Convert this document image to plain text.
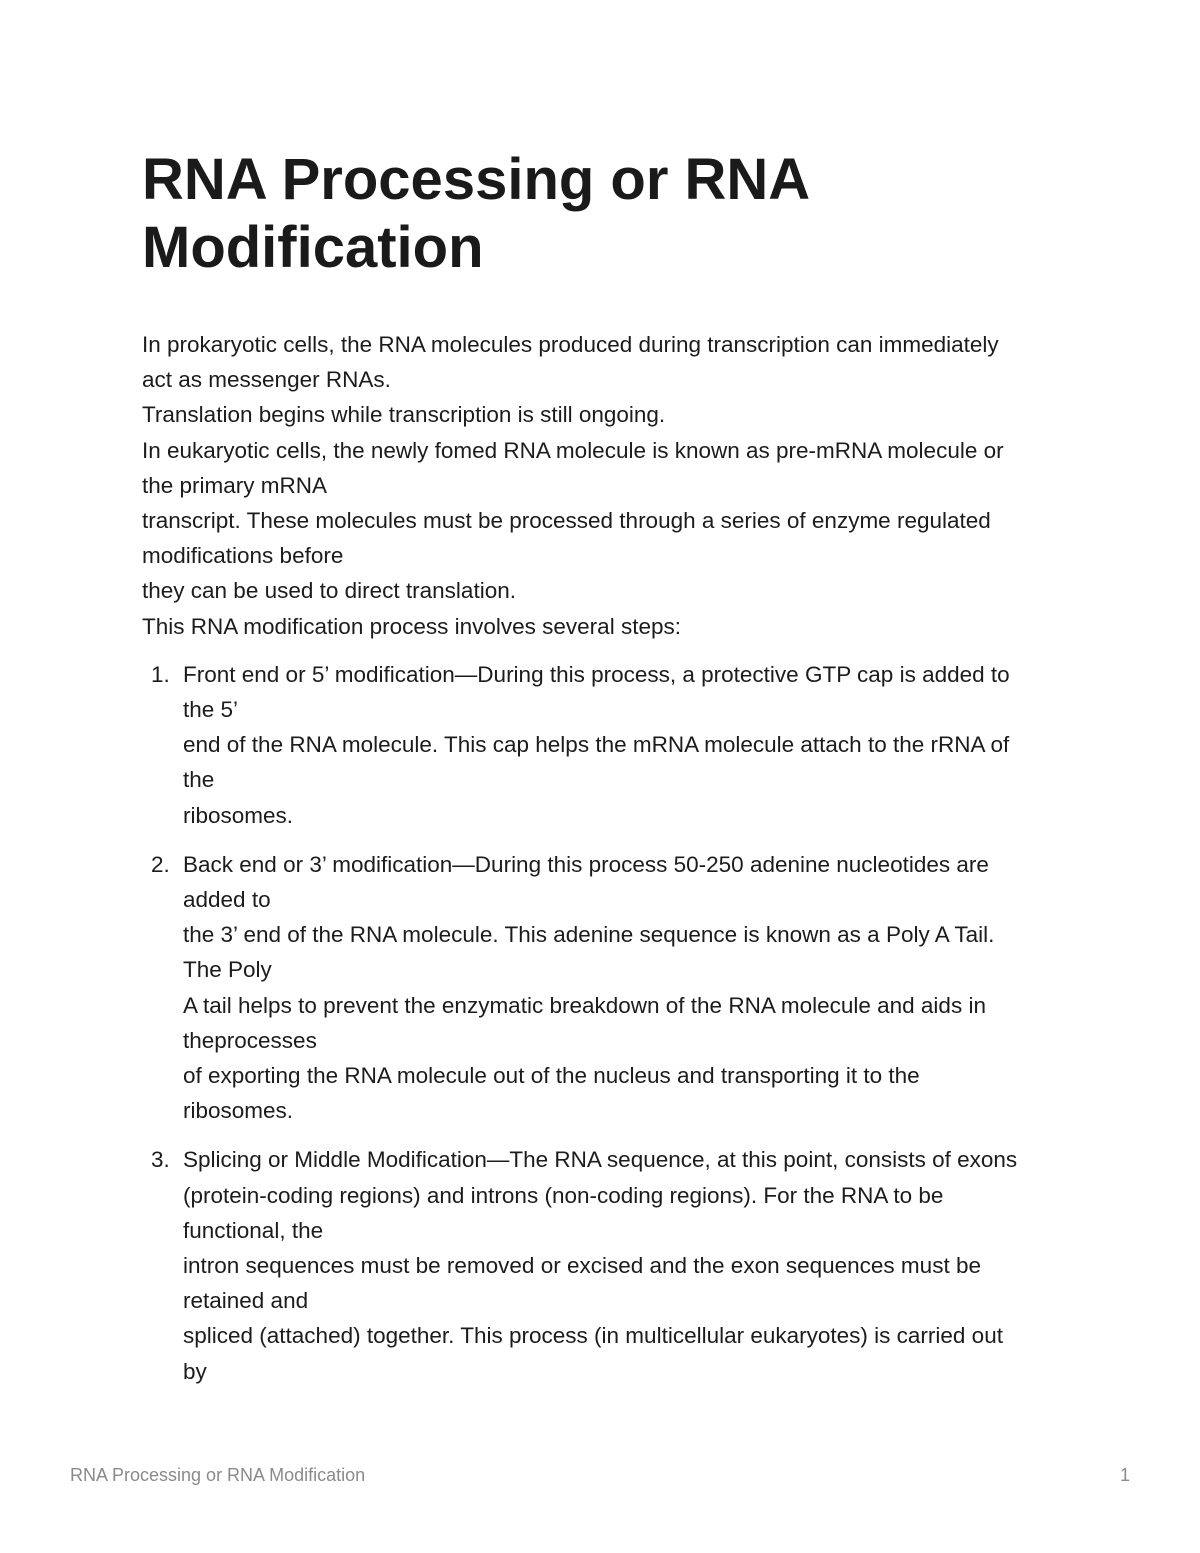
RNA Processing or RNA
Modification
In prokaryotic cells, the RNA molecules produced during transcription can immediately
act as messenger RNAs.
Translation begins while transcription is still ongoing.
In eukaryotic cells, the newly fomed RNA molecule is known as pre-mRNA molecule or
the primary mRNA
transcript. These molecules must be processed through a series of enzyme regulated
modifications before
they can be used to direct translation.
This RNA modification process involves several steps:
1. Front end or 5’ modification—During this process, a protective GTP cap is added to
the 5’
end of the RNA molecule. This cap helps the mRNA molecule attach to the rRNA of
the
ribosomes.
2. Back end or 3’ modification—During this process 50-250 adenine nucleotides are
added to
the 3’ end of the RNA molecule. This adenine sequence is known as a Poly A Tail.
The Poly
A tail helps to prevent the enzymatic breakdown of the RNA molecule and aids in
theprocesses
of exporting the RNA molecule out of the nucleus and transporting it to the
ribosomes.
3. Splicing or Middle Modification—The RNA sequence, at this point, consists of exons
(protein-coding regions) and introns (non-coding regions). For the RNA to be
functional, the
intron sequences must be removed or excised and the exon sequences must be
retained and
spliced (attached) together. This process (in multicellular eukaryotes) is carried out
by
RNA Processing or RNA Modification	1
